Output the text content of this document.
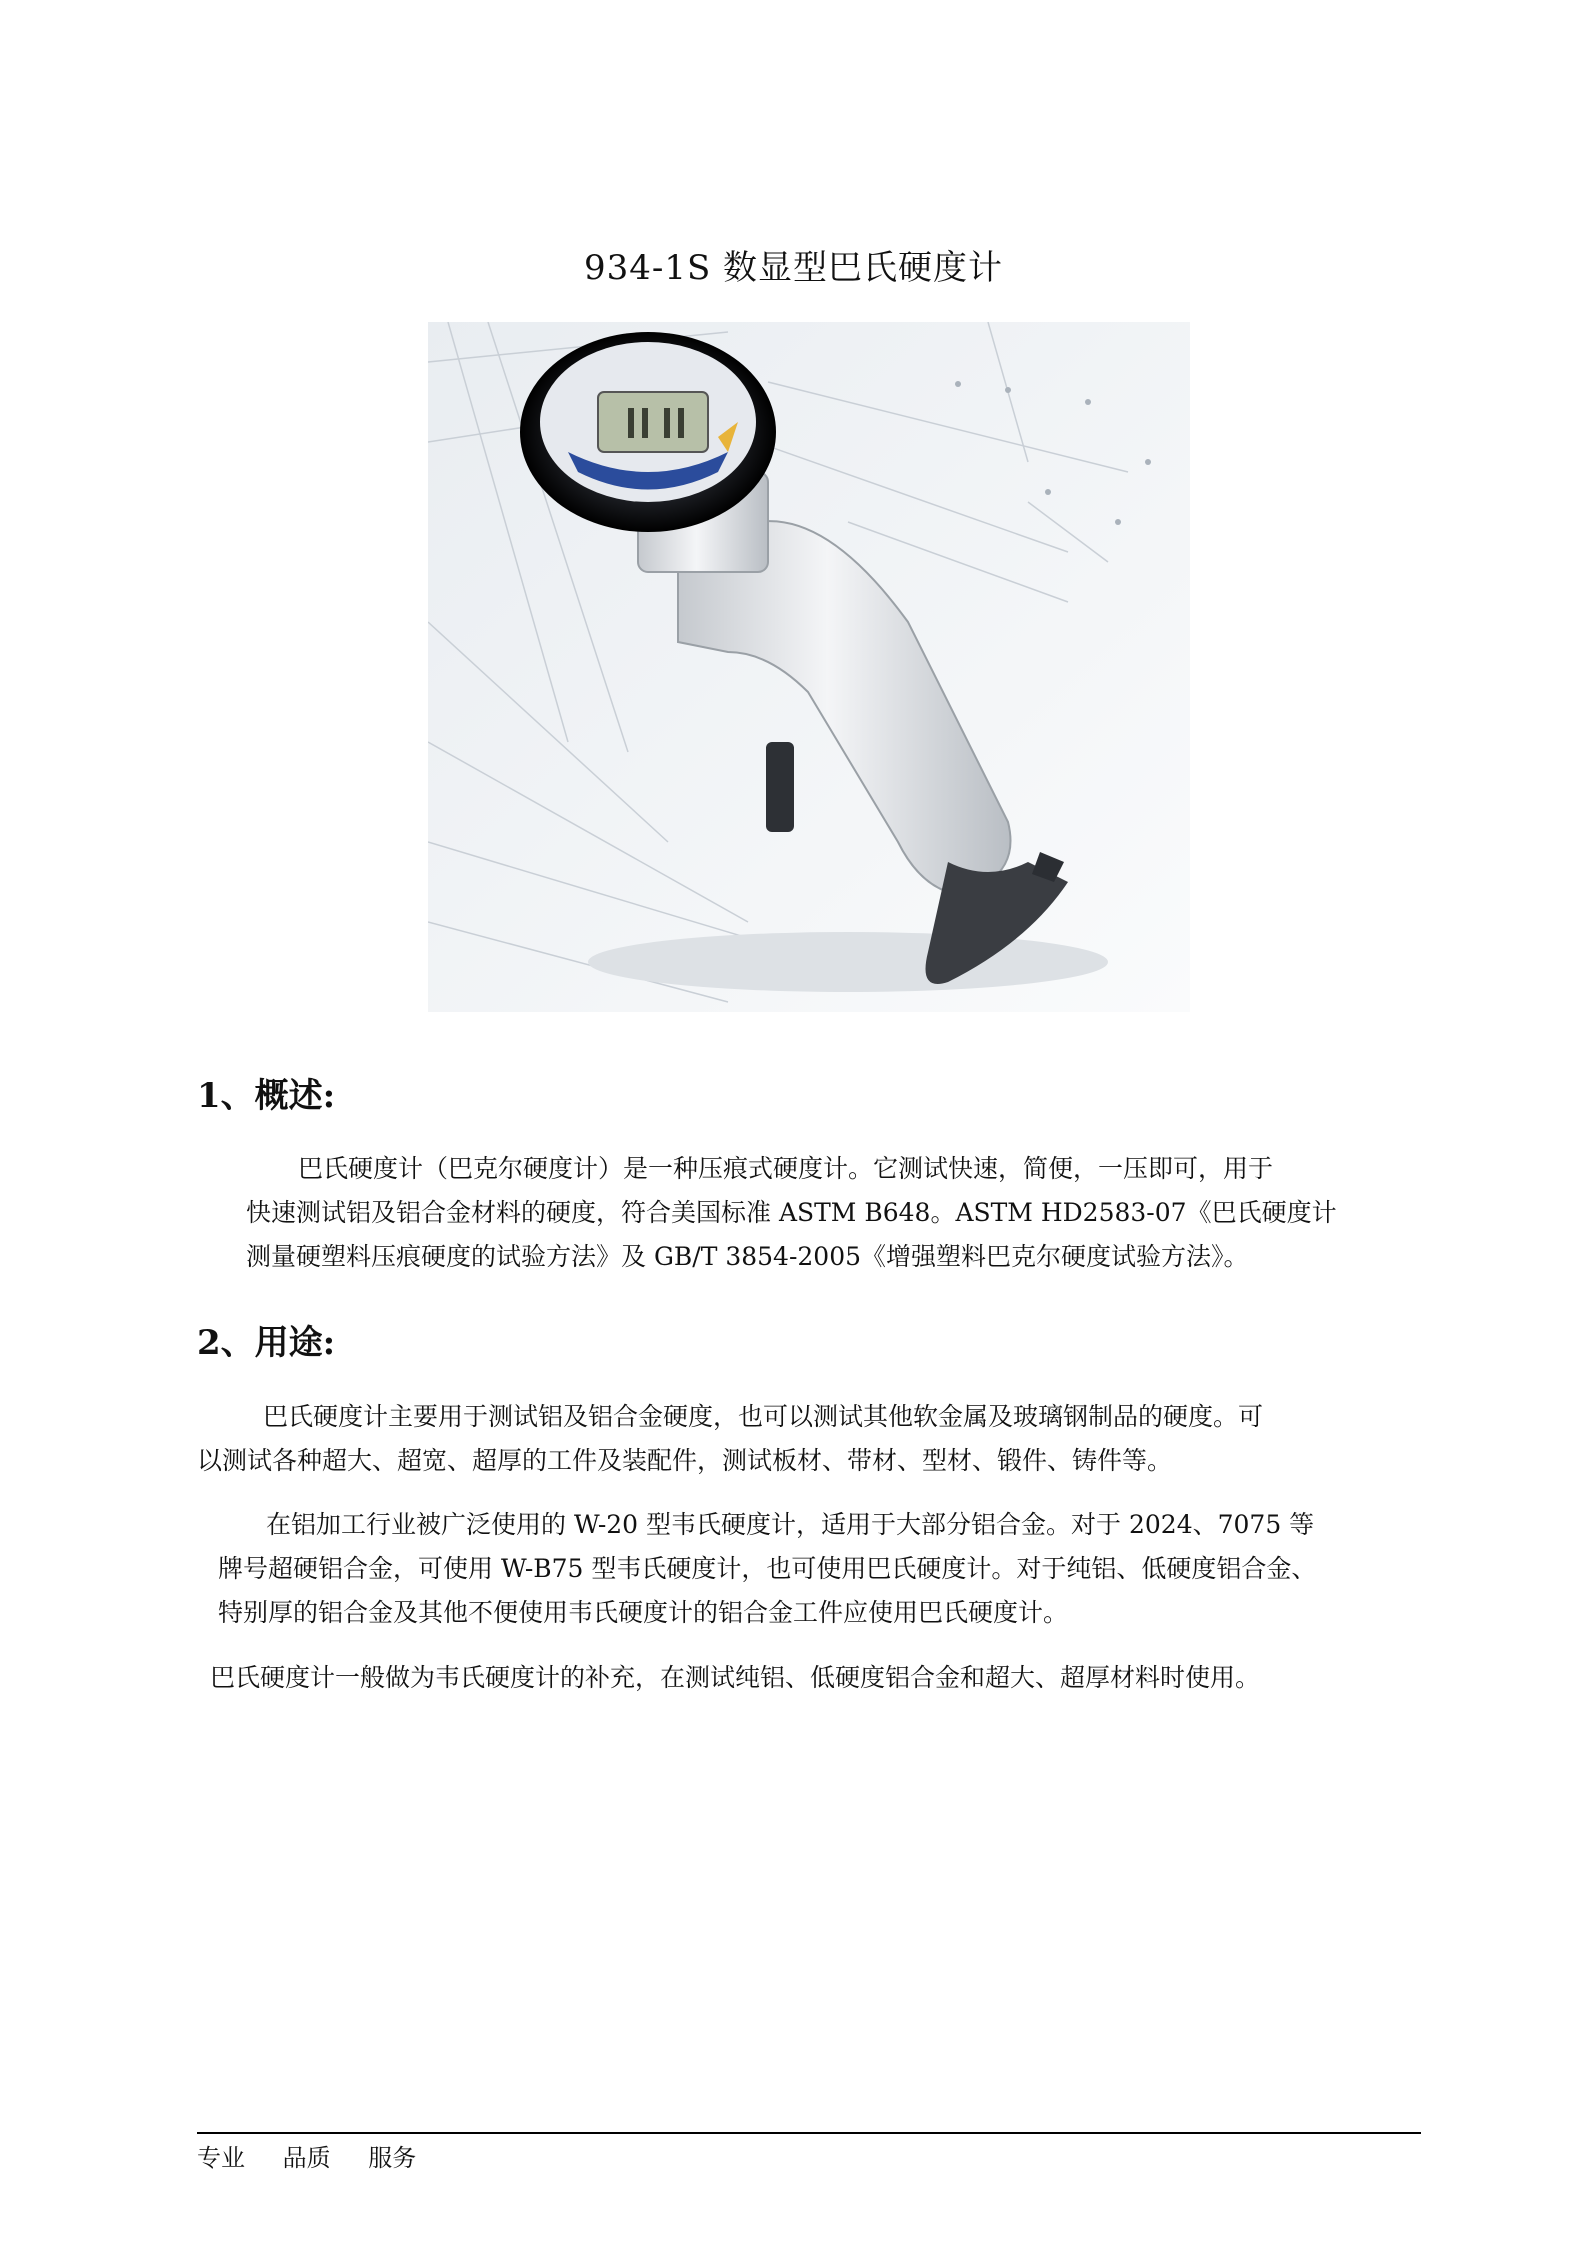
934-1S 数显型巴氏硬度计
1、概述:
巴氏硬度计（巴克尔硬度计）是一种压痕式硬度计。它测试快速，简便，一压即可，用于
快速测试铝及铝合金材料的硬度，符合美国标准 ASTM B648。ASTM HD2583-07《巴氏硬度计
测量硬塑料压痕硬度的试验方法》及 GB/T 3854-2005《增强塑料巴克尔硬度试验方法》。
2、用途:
巴氏硬度计主要用于测试铝及铝合金硬度，也可以测试其他软金属及玻璃钢制品的硬度。可
以测试各种超大、超宽、超厚的工件及装配件，测试板材、带材、型材、锻件、铸件等。
在铝加工行业被广泛使用的 W-20 型韦氏硬度计，适用于大部分铝合金。对于 2024、7075 等
牌号超硬铝合金，可使用 W-B75 型韦氏硬度计，也可使用巴氏硬度计。对于纯铝、低硬度铝合金、
特别厚的铝合金及其他不便使用韦氏硬度计的铝合金工件应使用巴氏硬度计。
巴氏硬度计一般做为韦氏硬度计的补充，在测试纯铝、低硬度铝合金和超大、超厚材料时使用。
专业 品质 服务
